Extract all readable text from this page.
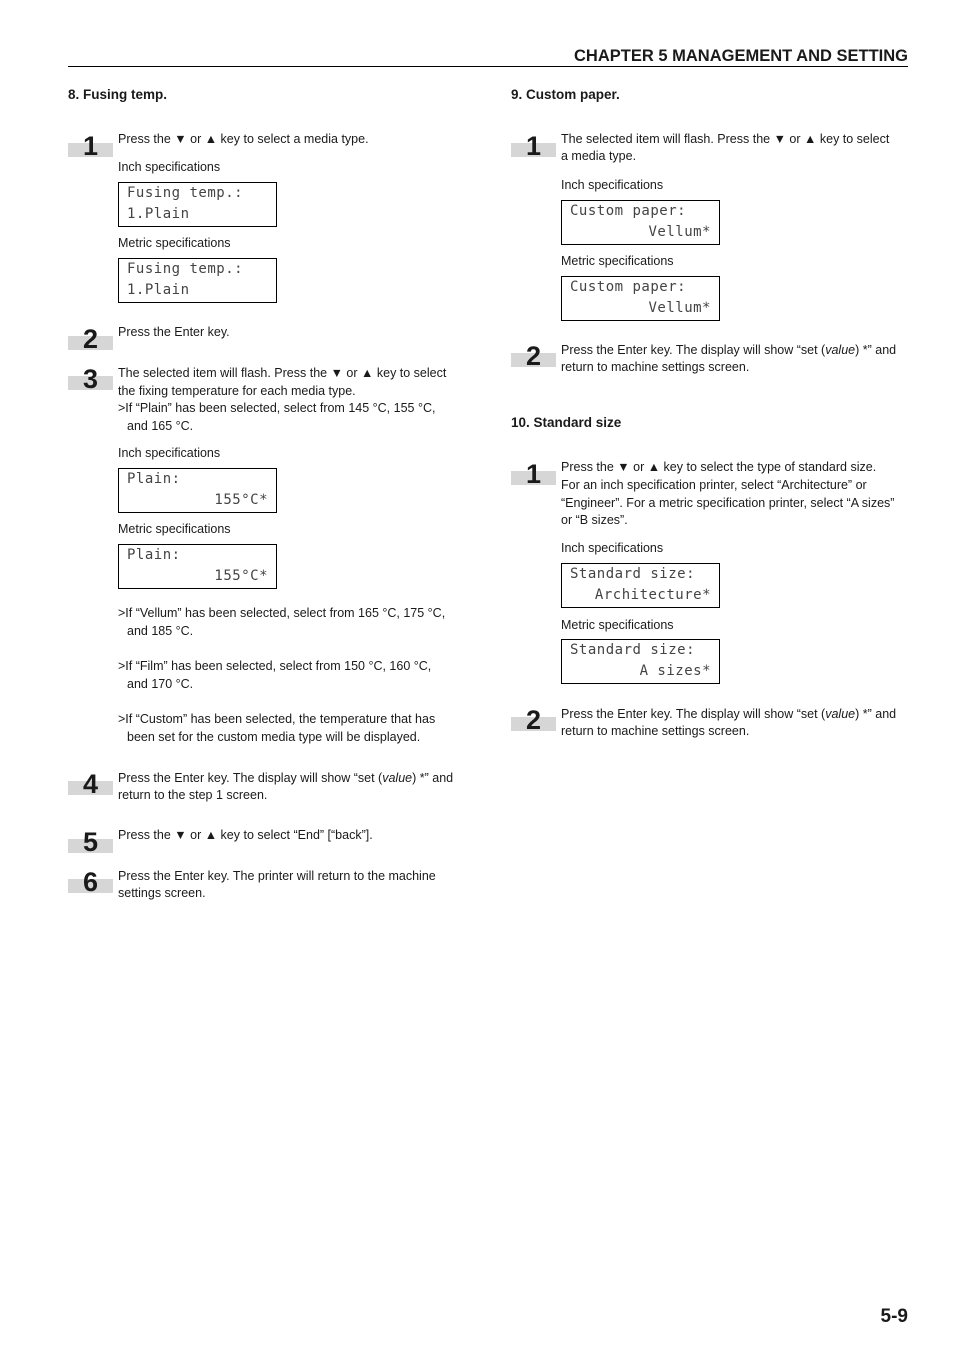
CHAPTER 5 MANAGEMENT AND SETTING
8. Fusing temp.
1	Press the ▼ or ▲ key to select a media type.
Inch specifications
Fusing temp.:
1.Plain
Metric specifications
Fusing temp.:
1.Plain
2	Press the Enter key.
3	The selected item will flash. Press the ▼ or ▲ key to select
the fixing temperature for each media type.
>If “Plain” has been selected, select from 145 °C, 155 °C,
and 165 °C.
Inch specifications
Plain:
155°C*
Metric specifications
Plain:
155°C*
>If “Vellum” has been selected, select from 165 °C, 175 °C,
and 185 °C.
>If “Film” has been selected, select from 150 °C, 160 °C,
and 170 °C.
>If “Custom” has been selected, the temperature that has
been set for the custom media type will be displayed.
4	Press the Enter key. The display will show “set (value) *” and
return to the step 1 screen.
5	Press the ▼ or ▲ key to select “End” [“back”].
6	Press the Enter key. The printer will return to the machine
settings screen.
9. Custom paper.
1	The selected item will flash. Press the ▼ or ▲ key to select
a media type.
Inch specifications
Custom paper:
Vellum*
Metric specifications
Custom paper:
Vellum*
2	Press the Enter key. The display will show “set (value) *” and
return to machine settings screen.
10. Standard size
1	Press the ▼ or ▲ key to select the type of standard size.
For an inch specification printer, select “Architecture” or
“Engineer”. For a metric specification printer, select “A sizes”
or “B sizes”.
Inch specifications
Standard size:
Architecture*
Metric specifications
Standard size:
A sizes*
2	Press the Enter key. The display will show “set (value) *” and
return to machine settings screen.
5-9
